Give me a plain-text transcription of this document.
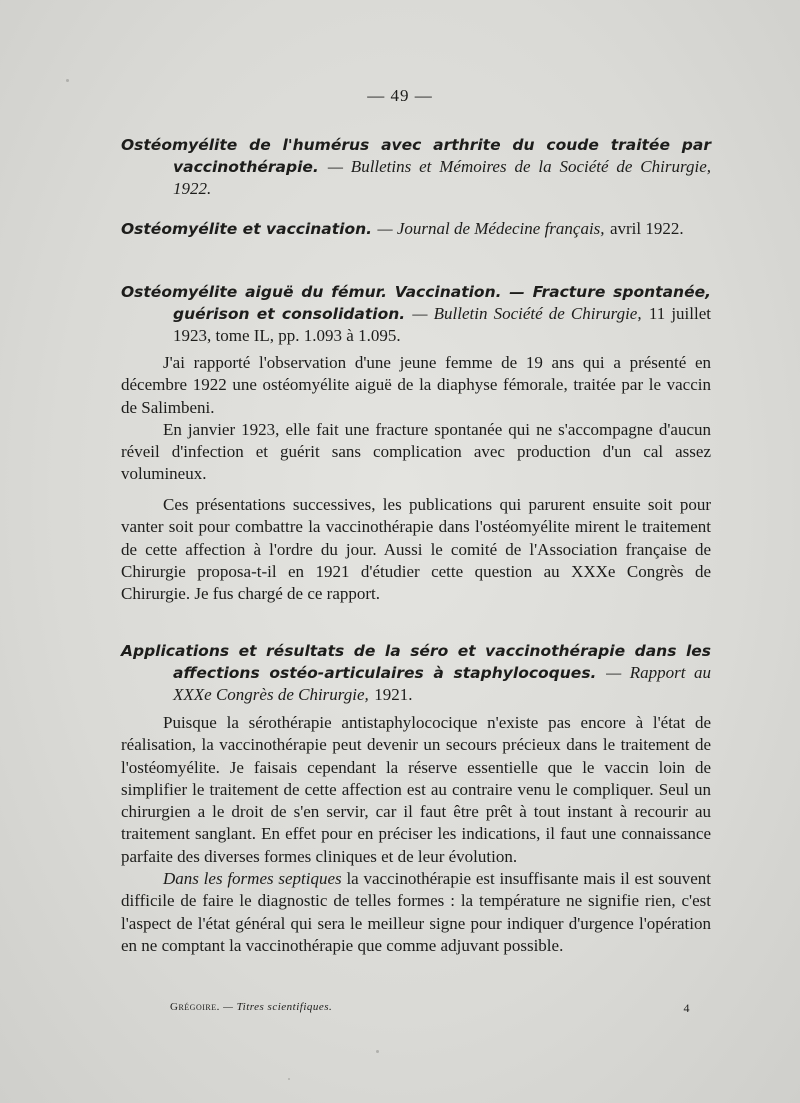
— 49 —
Ostéomyélite de l'humérus avec arthrite du coude traitée par vaccinothérapie. — Bulletins et Mémoires de la Société de Chirurgie, 1922.
Ostéomyélite et vaccination. — Journal de Médecine français, avril 1922.
Ostéomyélite aiguë du fémur. Vaccination. — Fracture spontanée, guérison et consolidation. — Bulletin Société de Chirurgie, 11 juillet 1923, tome IL, pp. 1.093 à 1.095.

J'ai rapporté l'observation d'une jeune femme de 19 ans qui a présenté en décembre 1922 une ostéomyélite aiguë de la diaphyse fémorale, traitée par le vaccin de Salimbeni.

En janvier 1923, elle fait une fracture spontanée qui ne s'accompagne d'aucun réveil d'infection et guérit sans complication avec production d'un cal assez volumineux.

Ces présentations successives, les publications qui parurent ensuite soit pour vanter soit pour combattre la vaccinothérapie dans l'ostéomyélite mirent le traitement de cette affection à l'ordre du jour. Aussi le comité de l'Association française de Chirurgie proposa-t-il en 1921 d'étudier cette question au XXXe Congrès de Chirurgie. Je fus chargé de ce rapport.

Applications et résultats de la séro et vaccinothérapie dans les affections ostéo-articulaires à staphylocoques. — Rapport au XXXe Congrès de Chirurgie, 1921.

Puisque la sérothérapie antistaphylococique n'existe pas encore à l'état de réalisation, la vaccinothérapie peut devenir un secours précieux dans le traitement de l'ostéomyélite. Je faisais cependant la réserve essentielle que le vaccin loin de simplifier le traitement de cette affection est au contraire venu le compliquer. Seul un chirurgien a le droit de s'en servir, car il faut être prêt à tout instant à recourir au traitement sanglant. En effet pour en préciser les indications, il faut une connaissance parfaite des diverses formes cliniques et de leur évolution.

Dans les formes septiques la vaccinothérapie est insuffisante mais il est souvent difficile de faire le diagnostic de telles formes : la température ne signifie rien, c'est l'aspect de l'état général qui sera le meilleur signe pour indiquer d'urgence l'opération en ne comptant la vaccinothérapie que comme adjuvant possible.

Grégoire. — Titres scientifiques.	4
